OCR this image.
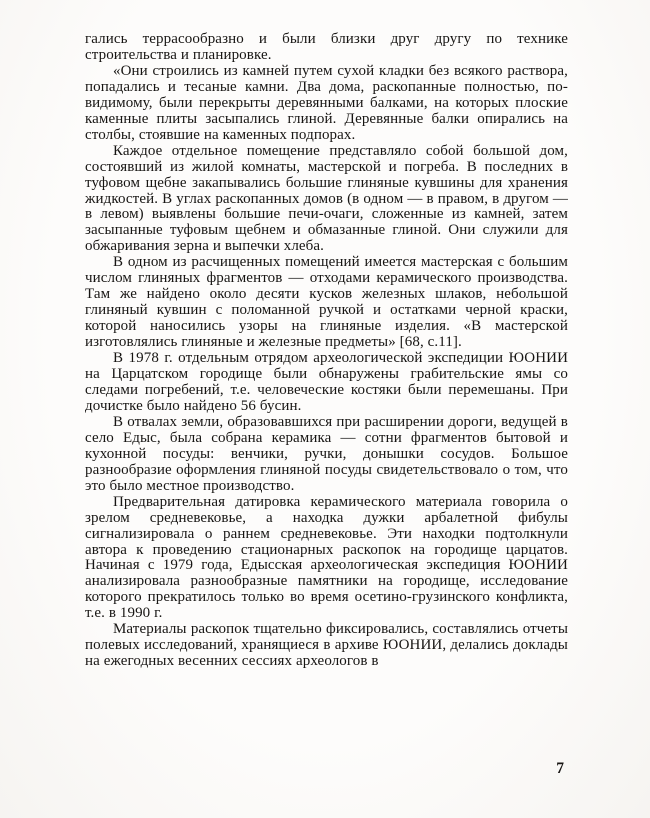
гались террасообразно и были близки друг другу по технике строительства и планировке.

«Они строились из камней путем сухой кладки без всякого раствора, попадались и тесаные камни. Два дома, раскопанные полностью, по-видимому, были перекрыты деревянными балками, на которых плоские каменные плиты засыпались глиной. Деревянные балки опирались на столбы, стоявшие на каменных подпорах.

Каждое отдельное помещение представляло собой большой дом, состоявший из жилой комнаты, мастерской и погреба. В последних в туфовом щебне закапывались большие глиняные кувшины для хранения жидкостей. В углах раскопанных домов (в одном — в правом, в другом — в левом) выявлены большие печи-очаги, сложенные из камней, затем засыпанные туфовым щебнем и обмазанные глиной. Они служили для обжаривания зерна и выпечки хлеба.

В одном из расчищенных помещений имеется мастерская с большим числом глиняных фрагментов — отходами керамического производства. Там же найдено около десяти кусков железных шлаков, небольшой глиняный кувшин с поломанной ручкой и остатками черной краски, которой наносились узоры на глиняные изделия. «В мастерской изготовлялись глиняные и железные предметы» [68, с.11].

В 1978 г. отдельным отрядом археологической экспедиции ЮОНИИ на Царцатском городище были обнаружены грабительские ямы со следами погребений, т.е. человеческие костяки были перемешаны. При дочистке было найдено 56 бусин.

В отвалах земли, образовавшихся при расширении дороги, ведущей в село Едыс, была собрана керамика — сотни фрагментов бытовой и кухонной посуды: венчики, ручки, донышки сосудов. Большое разнообразие оформления глиняной посуды свидетельствовало о том, что это было местное производство.

Предварительная датировка керамического материала говорила о зрелом средневековье, а находка дужки арбалетной фибулы сигнализировала о раннем средневековье. Эти находки подтолкнули автора к проведению стационарных раскопок на городище царцатов. Начиная с 1979 года, Едысская археологическая экспедиция ЮОНИИ анализировала разнообразные памятники на городище, исследование которого прекратилось только во время осетино-грузинского конфликта, т.е. в 1990 г.

Материалы раскопок тщательно фиксировались, составлялись отчеты полевых исследований, хранящиеся в архиве ЮОНИИ, делались доклады на ежегодных весенних сессиях археологов в

7
